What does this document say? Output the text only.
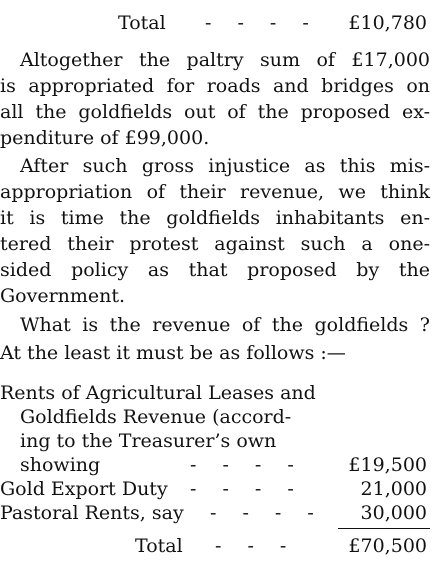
Total - - - - £10,780
Altogether the paltry sum of £17,000
is appropriated for roads and bridges on
all the goldfields out of the proposed ex-
penditure of £99,000.
After such gross injustice as this mis-
appropriation of their revenue, we think
it is time the goldfields inhabitants en-
tered their protest against such a one-
sided policy as that proposed by the
Government.
What is the revenue of the goldfields ?
At the least it must be as follows :—
Rents of Agricultural Leases and
Goldfields Revenue (accord-
ing to the Treasurer’s own
showing	- - - - £19,500
Gold Export Duty - - - -	21,000
Pastoral Rents, say - - - - 30,000
Total - - -	£70,500
